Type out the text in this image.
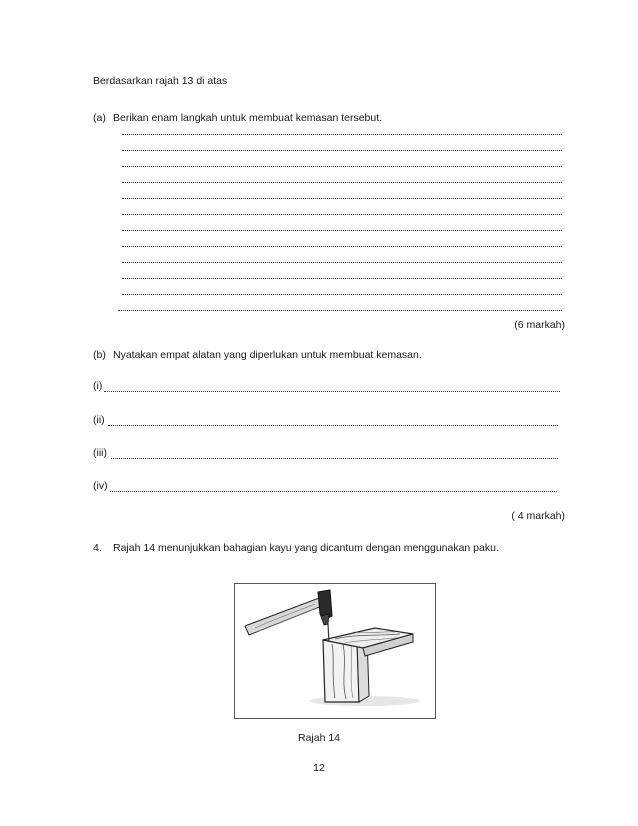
Berdasarkan rajah 13 di atas
(a) Berikan enam langkah untuk membuat kemasan tersebut.
(6 markah)
(b) Nyatakan empat alatan yang diperlukan untuk membuat kemasan.
(i)
(ii)
(iii)
(iv)
( 4 markah)
4. Rajah 14 menunjukkan bahagian kayu yang dicantum dengan menggunakan paku.
Rajah 14
12
